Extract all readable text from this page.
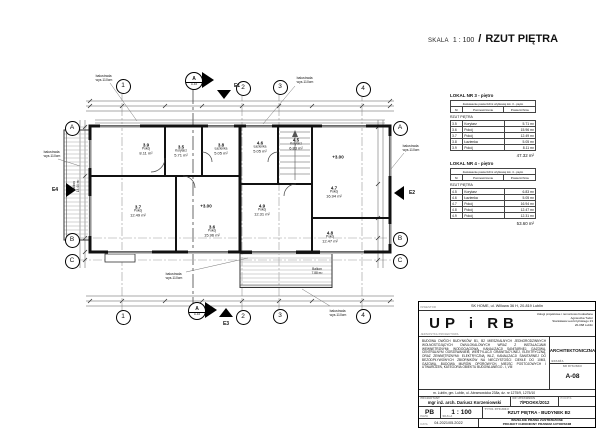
SKALA 1 : 100 / RZUT PIĘTRA
1	2	3	4
1	2	3	4
A
B
C
A
B
C
A
A-10
A
A-10
E1
E2
E3
E4
3.5
Korytarz
5.71 m²
3.6
Pokój
15.96 m²
3.7
Pokój
12.49 m²
3.8
Łazienka
5.05 m²
3.9
Pokój
8.11 m²
4.5
Korytarz
6.83 m²
4.6
Łazienka
5.05 m²
4.7
Pokój
16.94 m²
4.8
Pokój
12.47 m²
4.9
Pokój
12.31 m²
+3.00
+3.00
Balkon 13.44 m²
Balkon
7.88 m²
balustrada
wys.110cm
balustrada
wys.110cm
balustrada
wys.110cm
balustrada
wys.110cm
balustrada
wys.110cm
balustrada
wys.110cm
LOKAL NR 3 - piętro
Zestawienie powierzchni użytkowej lok. 3 - piętro
Nr	Pomieszczenie	Powierzchnia
RZUT PIĘTRA
3.5	Korytarz	5.71 m²
3.6	Pokój	15.96 m²
3.7	Pokój	12.49 m²
3.8	Łazienka	5.05 m²
3.9	Pokój	8.11 m²
47.32 m²
LOKAL NR 4 - piętro
Zestawienie powierzchni użytkowej lok. 4 - piętro
Nr	Pomieszczenie	Powierzchnia
RZUT PIĘTRA
4.5	Korytarz	6.83 m²
4.6	Łazienka	5.05 m²
4.7	Pokój	16.94 m²
4.8	Pokój	12.47 m²
4.9	Pokój	12.31 m²
53.60 m²
INWESTOR	SK HOME, ul. Willowa 36 H, 20-819 Lublin
UP i RB
Usługi projektowe i remontowo budowlane
Agnieszka Tudor
Stanisława Leszczyńskiego 23
20-068 Lublin
JEDNOSTKA PROJEKTOWA
BUDOWA DWÓCH BUDYNKÓW B1, B2 MIESZKALNYCH JEDNORODZINNYCH WOLNOSTOJĄCYCH DWULOKALOWYCH WRAZ Z INSTALACJAMI WEWNĘTRZNYMI: WODOCIĄGOWĄ, KANALIZACJI SANITARNEJ, GAZOWĄ, CENTRALNYM OGRZEWANIEM, WENTYLACJI GRAWITACYJNEJ, ELEKTRYCZNĄ, ORAZ ZEWNĘTRZNYMI: ELEKTRYCZNĄ WLZ, KANALIZACJI SANITARNEJ DO BEZODPŁYWOWYCH ZBIORNIKÓW NA NIECZYSTOŚCI CIEKŁE DO 10M3, GAZOWĄ, BUDOWA MURÓW OPOROWYCH, MIEJSC POSTOJOWYCH I UTWARDZEŃ, KATEGORIA OBIEKTU BUDOWLANEGO - I, VIII
BRANŻA
ARCHITEKTONICZNA
NR RYSUNKU
A-08
m. Lublin, gm. Lublin, ul. Abramowicka 238a, dz. nr 1275/9, 1275/10
PROJEKTANT
mgr inż. arch. Dariusz Korzeniowski
NR UPRAWNIEŃ
7/PDOKK/2012
PODPIS
FAZA
PB	SKALA
1 : 100	TYTUŁ RYSUNKU
RZUT PIĘTRA - BUDYNEK B2
DATA 04.2021/05.2022
WSZELKIE PRAWA ZASTRZEŻONE
PROJEKT CHRONIONY PRAWEM AUTORSKIM
